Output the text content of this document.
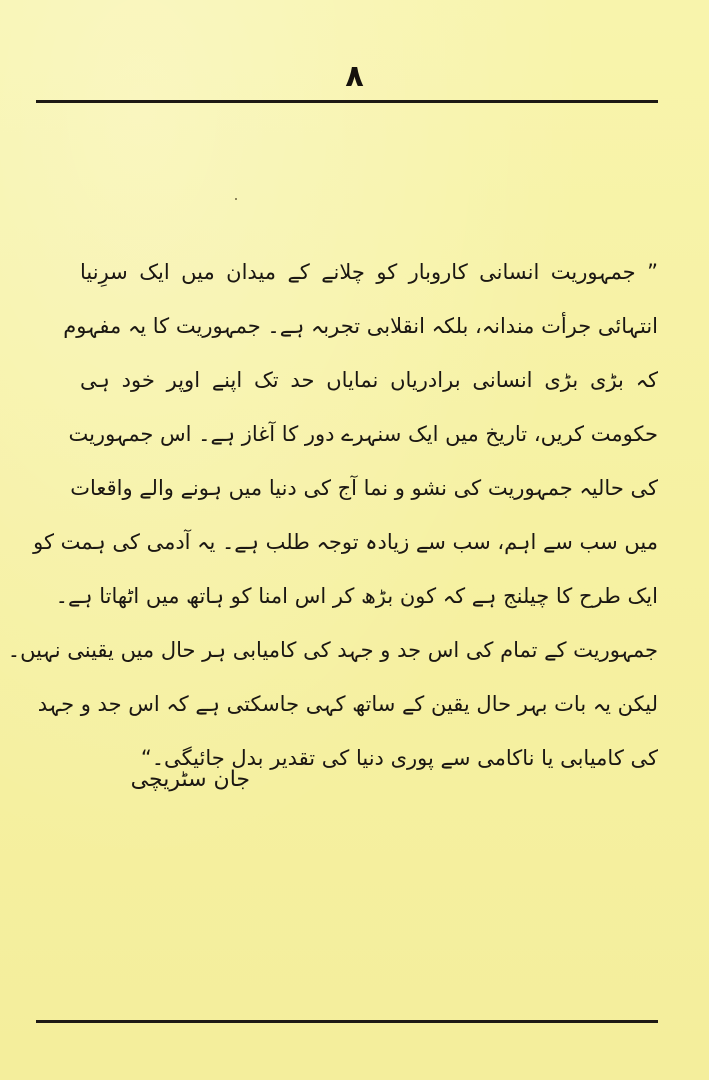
۸
” جمہوریت انسانی کاروبار کو چلانے کے میدان میں ایک سرِنیا
انتہائی جرأت مندانہ، بلکہ انقلابی تجربہ ہے۔ جمہوریت کا یہ مفہوم
کہ بڑی بڑی انسانی برادریاں نمایاں حد تک اپنے اوپر خود ہی
حکومت کریں، تاریخ میں ایک سنہرے دور کا آغاز ہے۔ اس جمہوریت
کی حالیہ جمہوریت کی نشو و نما آج کی دنیا میں ہونے والے واقعات
میں سب سے اہم، سب سے زیادہ توجہ طلب ہے۔ یہ آدمی کی ہمت کو
ایک طرح کا چیلنج ہے کہ کون بڑھ کر اس امنا کو ہاتھ میں اٹھاتا ہے۔
جمہوریت کے تمام کی اس جد و جہد کی کامیابی ہر حال میں یقینی نہیں۔
لیکن یہ بات بہر حال یقین کے ساتھ کہی جاسکتی ہے کہ اس جد و جہد
کی کامیابی یا ناکامی سے پوری دنیا کی تقدیر بدل جائیگی۔“
جان سٹریچی
